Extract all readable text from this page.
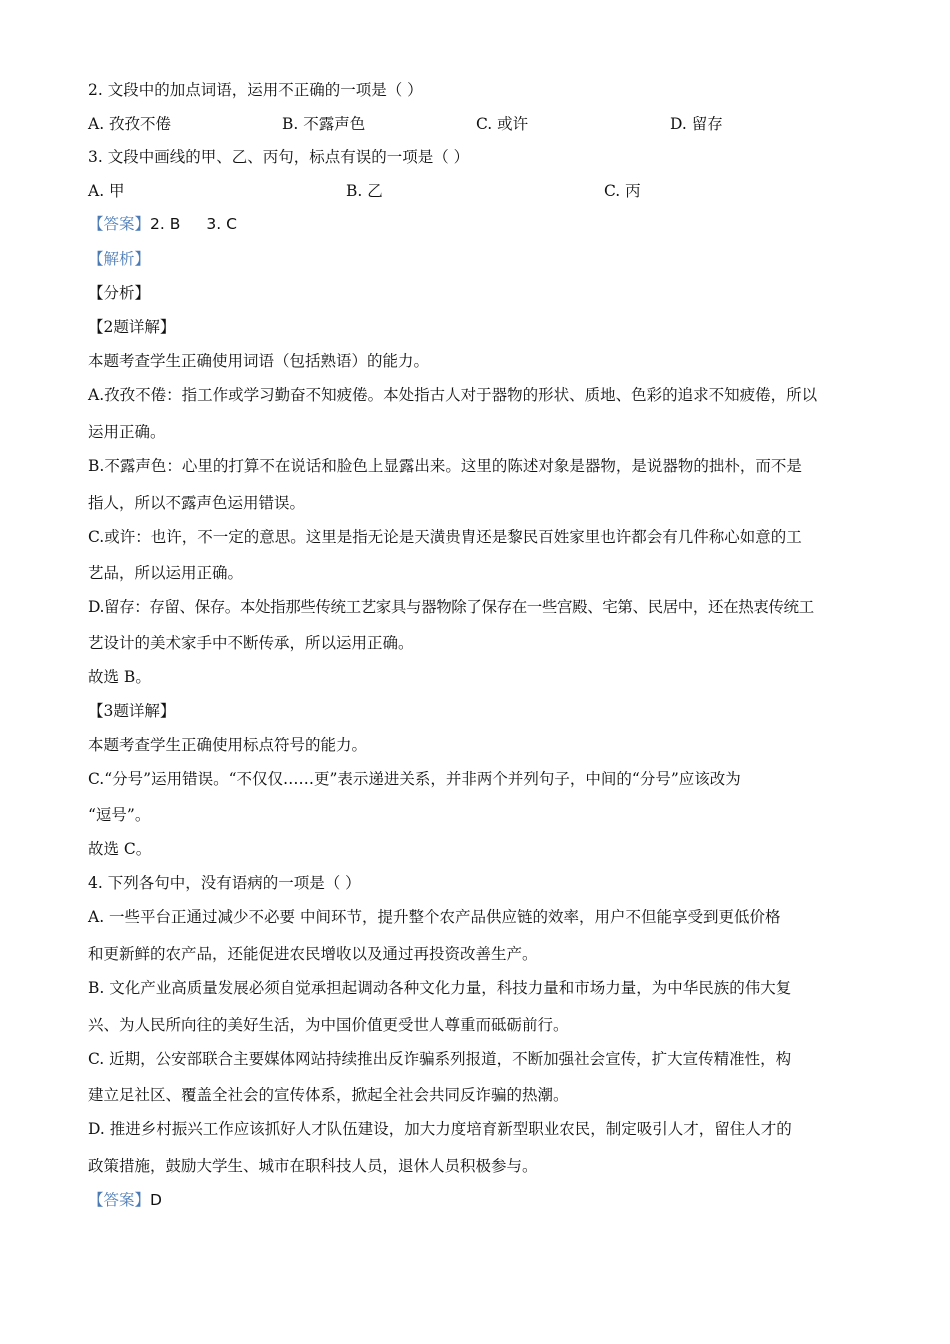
2. 文段中的加点词语，运用不正确的一项是（ ）
A. 孜孜不倦	B. 不露声色	C. 或许	D. 留存
3. 文段中画线的甲、乙、丙句，标点有误的一项是（ ）
A. 甲	B. 乙	C. 丙
【答案】2. B 3. C
【解析】
【分析】
【2题详解】
本题考查学生正确使用词语（包括熟语）的能力。
A.孜孜不倦：指工作或学习勤奋不知疲倦。本处指古人对于器物的形状、质地、色彩的追求不知疲倦，所以
运用正确。
B.不露声色：心里的打算不在说话和脸色上显露出来。这里的陈述对象是器物，是说器物的拙朴，而不是
指人，所以不露声色运用错误。
C.或许：也许，不一定的意思。这里是指无论是天潢贵胄还是黎民百姓家里也许都会有几件称心如意的工
艺品，所以运用正确。
D.留存：存留、保存。本处指那些传统工艺家具与器物除了保存在一些宫殿、宅第、民居中，还在热衷传统工
艺设计的美术家手中不断传承，所以运用正确。
故选 B。
【3题详解】
本题考查学生正确使用标点符号的能力。
C.“分号”运用错误。“不仅仅……更”表示递进关系，并非两个并列句子，中间的“分号”应该改为
“逗号”。
故选 C。
4. 下列各句中，没有语病的一项是（ ）
A. 一些平台正通过减少不必要 中间环节，提升整个农产品供应链的效率，用户不但能享受到更低价格
和更新鲜的农产品，还能促进农民增收以及通过再投资改善生产。
B. 文化产业高质量发展必须自觉承担起调动各种文化力量，科技力量和市场力量，为中华民族的伟大复
兴、为人民所向往的美好生活，为中国价值更受世人尊重而砥砺前行。
C. 近期，公安部联合主要媒体网站持续推出反诈骗系列报道，不断加强社会宣传，扩大宣传精准性，构
建立足社区、覆盖全社会的宣传体系，掀起全社会共同反诈骗的热潮。
D. 推进乡村振兴工作应该抓好人才队伍建设，加大力度培育新型职业农民，制定吸引人才，留住人才的
政策措施，鼓励大学生、城市在职科技人员，退休人员积极参与。
【答案】D
